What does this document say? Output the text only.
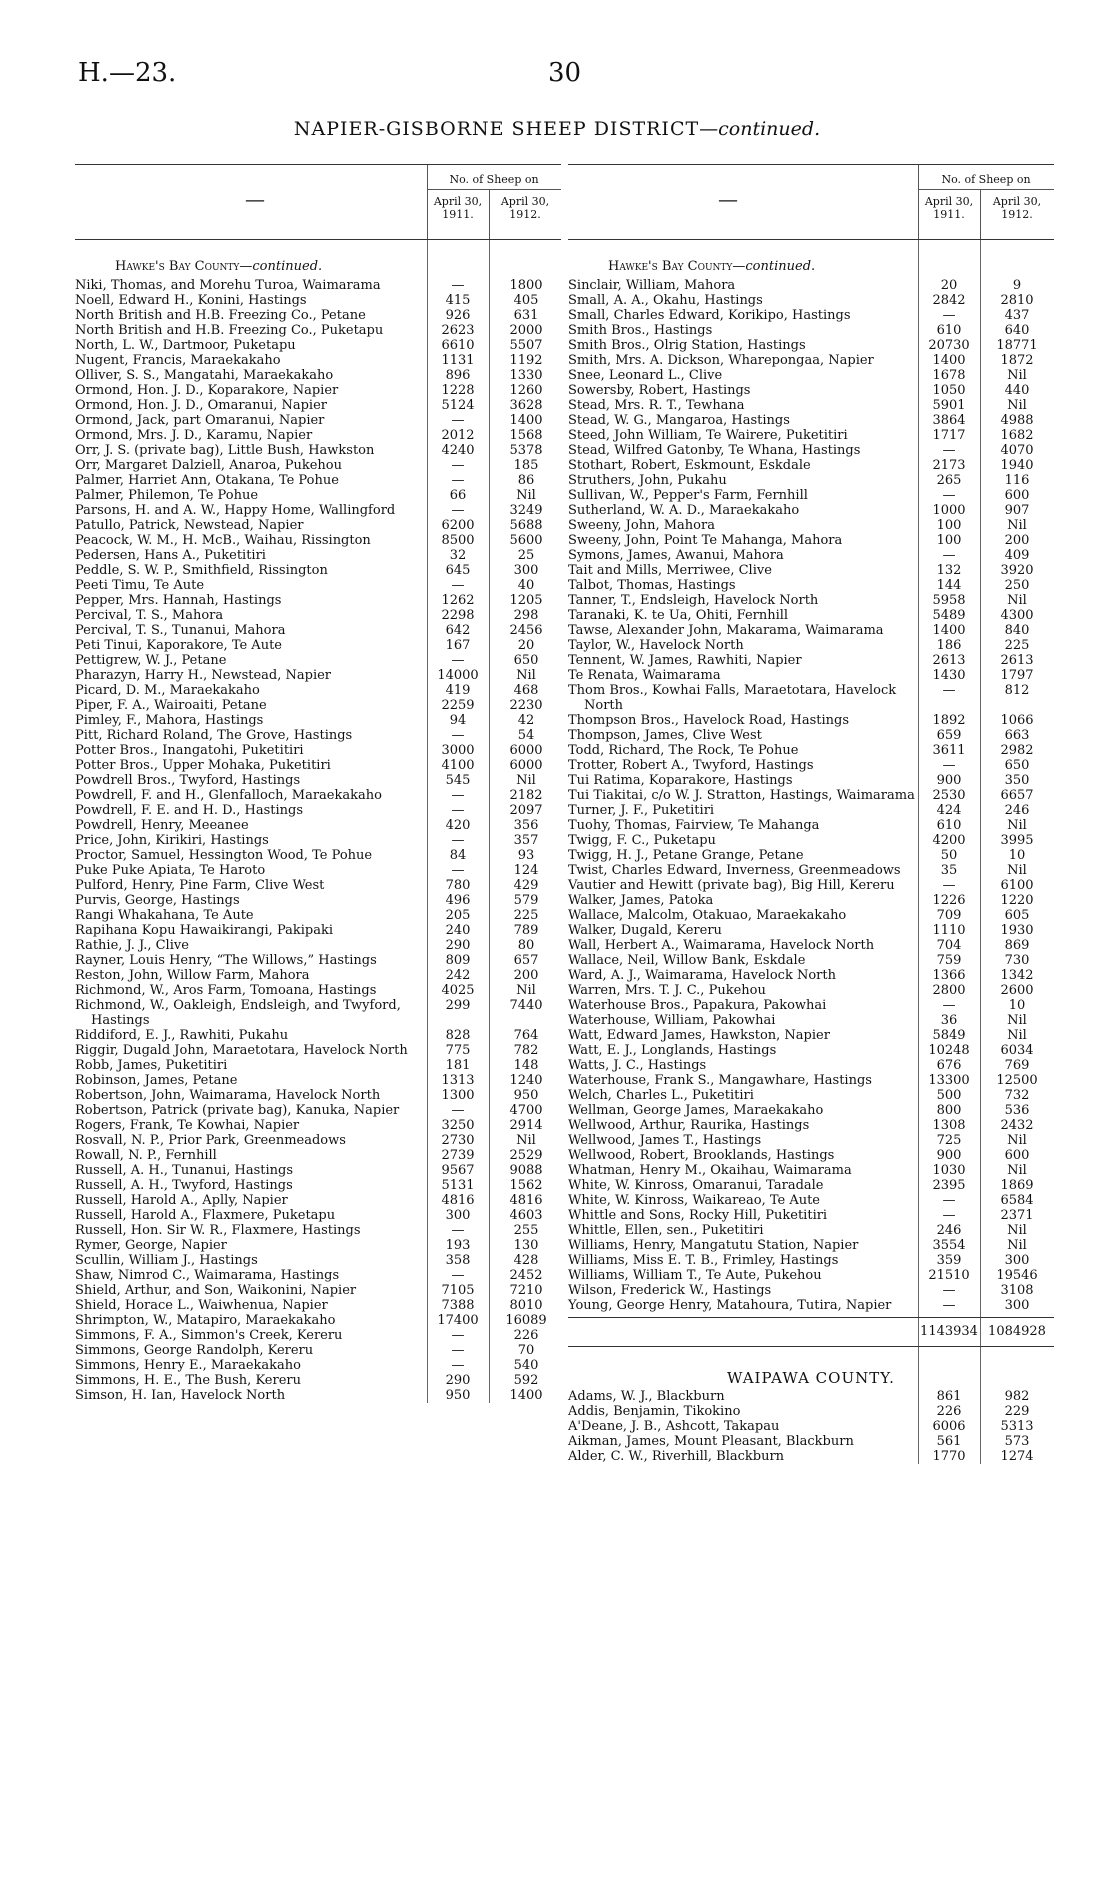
H.—23.	30
NAPIER-GISBORNE SHEEP DISTRICT—continued.
—
No. of Sheep on
April 30,
1911.
April 30,
1912.
Hawke's Bay County—continued.
Niki, Thomas, and Morehu Turoa, Waimarama	—	1800
Noell, Edward H., Konini, Hastings	415	405
North British and H.B. Freezing Co., Petane	926	631
North British and H.B. Freezing Co., Puketapu	2623	2000
North, L. W., Dartmoor, Puketapu	6610	5507
Nugent, Francis, Maraekakaho	1131	1192
Olliver, S. S., Mangatahi, Maraekakaho	896	1330
Ormond, Hon. J. D., Koparakore, Napier	1228	1260
Ormond, Hon. J. D., Omaranui, Napier	5124	3628
Ormond, Jack, part Omaranui, Napier	—	1400
Ormond, Mrs. J. D., Karamu, Napier	2012	1568
Orr, J. S. (private bag), Little Bush, Hawkston	4240	5378
Orr, Margaret Dalziell, Anaroa, Pukehou	—	185
Palmer, Harriet Ann, Otakana, Te Pohue	—	86
Palmer, Philemon, Te Pohue	66	Nil
Parsons, H. and A. W., Happy Home, Wallingford	—	3249
Patullo, Patrick, Newstead, Napier	6200	5688
Peacock, W. M., H. McB., Waihau, Rissington	8500	5600
Pedersen, Hans A., Puketitiri	32	25
Peddle, S. W. P., Smithfield, Rissington	645	300
Peeti Timu, Te Aute	—	40
Pepper, Mrs. Hannah, Hastings	1262	1205
Percival, T. S., Mahora	2298	298
Percival, T. S., Tunanui, Mahora	642	2456
Peti Tinui, Kaporakore, Te Aute	167	20
Pettigrew, W. J., Petane	—	650
Pharazyn, Harry H., Newstead, Napier	14000	Nil
Picard, D. M., Maraekakaho	419	468
Piper, F. A., Wairoaiti, Petane	2259	2230
Pimley, F., Mahora, Hastings	94	42
Pitt, Richard Roland, The Grove, Hastings	—	54
Potter Bros., Inangatohi, Puketitiri	3000	6000
Potter Bros., Upper Mohaka, Puketitiri	4100	6000
Powdrell Bros., Twyford, Hastings	545	Nil
Powdrell, F. and H., Glenfalloch, Maraekakaho	—	2182
Powdrell, F. E. and H. D., Hastings	—	2097
Powdrell, Henry, Meeanee	420	356
Price, John, Kirikiri, Hastings	—	357
Proctor, Samuel, Hessington Wood, Te Pohue	84	93
Puke Puke Apiata, Te Haroto	—	124
Pulford, Henry, Pine Farm, Clive West	780	429
Purvis, George, Hastings	496	579
Rangi Whakahana, Te Aute	205	225
Rapihana Kopu Hawaikirangi, Pakipaki	240	789
Rathie, J. J., Clive	290	80
Rayner, Louis Henry, “The Willows,” Hastings	809	657
Reston, John, Willow Farm, Mahora	242	200
Richmond, W., Aros Farm, Tomoana, Hastings	4025	Nil
Richmond, W., Oakleigh, Endsleigh, and Twyford, Hastings
299	7440
Riddiford, E. J., Rawhiti, Pukahu	828	764
Riggir, Dugald John, Maraetotara, Havelock North	775	782
Robb, James, Puketitiri	181	148
Robinson, James, Petane	1313	1240
Robertson, John, Waimarama, Havelock North	1300	950
Robertson, Patrick (private bag), Kanuka, Napier	—	4700
Rogers, Frank, Te Kowhai, Napier	3250	2914
Rosvall, N. P., Prior Park, Greenmeadows	2730	Nil
Rowall, N. P., Fernhill	2739	2529
Russell, A. H., Tunanui, Hastings	9567	9088
Russell, A. H., Twyford, Hastings	5131	1562
Russell, Harold A., Aplly, Napier	4816	4816
Russell, Harold A., Flaxmere, Puketapu	300	4603
Russell, Hon. Sir W. R., Flaxmere, Hastings	—	255
Rymer, George, Napier	193	130
Scullin, William J., Hastings	358	428
Shaw, Nimrod C., Waimarama, Hastings	—	2452
Shield, Arthur, and Son, Waikonini, Napier	7105	7210
Shield, Horace L., Waiwhenua, Napier	7388	8010
Shrimpton, W., Matapiro, Maraekakaho	17400	16089
Simmons, F. A., Simmon's Creek, Kereru	—	226
Simmons, George Randolph, Kereru	—	70
Simmons, Henry E., Maraekakaho	—	540
Simmons, H. E., The Bush, Kereru	290	592
Simson, H. Ian, Havelock North	950	1400
—
No. of Sheep on
April 30,
1911.
April 30,
1912.
Hawke's Bay County—continued.
Sinclair, William, Mahora	20	9
Small, A. A., Okahu, Hastings	2842	2810
Small, Charles Edward, Korikipo, Hastings	—	437
Smith Bros., Hastings	610	640
Smith Bros., Olrig Station, Hastings	20730	18771
Smith, Mrs. A. Dickson, Wharepongaa, Napier	1400	1872
Snee, Leonard L., Clive	1678	Nil
Sowersby, Robert, Hastings	1050	440
Stead, Mrs. R. T., Tewhana	5901	Nil
Stead, W. G., Mangaroa, Hastings	3864	4988
Steed, John William, Te Wairere, Puketitiri	1717	1682
Stead, Wilfred Gatonby, Te Whana, Hastings	—	4070
Stothart, Robert, Eskmount, Eskdale	2173	1940
Struthers, John, Pukahu	265	116
Sullivan, W., Pepper's Farm, Fernhill	—	600
Sutherland, W. A. D., Maraekakaho	1000	907
Sweeny, John, Mahora	100	Nil
Sweeny, John, Point Te Mahanga, Mahora	100	200
Symons, James, Awanui, Mahora	—	409
Tait and Mills, Merriwee, Clive	132	3920
Talbot, Thomas, Hastings	144	250
Tanner, T., Endsleigh, Havelock North	5958	Nil
Taranaki, K. te Ua, Ohiti, Fernhill	5489	4300
Tawse, Alexander John, Makarama, Waimarama	1400	840
Taylor, W., Havelock North	186	225
Tennent, W. James, Rawhiti, Napier	2613	2613
Te Renata, Waimarama	1430	1797
Thom Bros., Kowhai Falls, Maraetotara, Havelock North
—	812
Thompson Bros., Havelock Road, Hastings	1892	1066
Thompson, James, Clive West	659	663
Todd, Richard, The Rock, Te Pohue	3611	2982
Trotter, Robert A., Twyford, Hastings	—	650
Tui Ratima, Koparakore, Hastings	900	350
Tui Tiakitai, c/o W. J. Stratton, Hastings, Waimarama	2530	6657
Turner, J. F., Puketitiri	424	246
Tuohy, Thomas, Fairview, Te Mahanga	610	Nil
Twigg, F. C., Puketapu	4200	3995
Twigg, H. J., Petane Grange, Petane	50	10
Twist, Charles Edward, Inverness, Greenmeadows	35	Nil
Vautier and Hewitt (private bag), Big Hill, Kereru	—	6100
Walker, James, Patoka	1226	1220
Wallace, Malcolm, Otakuao, Maraekakaho	709	605
Walker, Dugald, Kereru	1110	1930
Wall, Herbert A., Waimarama, Havelock North	704	869
Wallace, Neil, Willow Bank, Eskdale	759	730
Ward, A. J., Waimarama, Havelock North	1366	1342
Warren, Mrs. T. J. C., Pukehou	2800	2600
Waterhouse Bros., Papakura, Pakowhai	—	10
Waterhouse, William, Pakowhai	36	Nil
Watt, Edward James, Hawkston, Napier	5849	Nil
Watt, E. J., Longlands, Hastings	10248	6034
Watts, J. C., Hastings	676	769
Waterhouse, Frank S., Mangawhare, Hastings	13300	12500
Welch, Charles L., Puketitiri	500	732
Wellman, George James, Maraekakaho	800	536
Wellwood, Arthur, Raurika, Hastings	1308	2432
Wellwood, James T., Hastings	725	Nil
Wellwood, Robert, Brooklands, Hastings	900	600
Whatman, Henry M., Okaihau, Waimarama	1030	Nil
White, W. Kinross, Omaranui, Taradale	2395	1869
White, W. Kinross, Waikareao, Te Aute	—	6584
Whittle and Sons, Rocky Hill, Puketitiri	—	2371
Whittle, Ellen, sen., Puketitiri	246	Nil
Williams, Henry, Mangatutu Station, Napier	3554	Nil
Williams, Miss E. T. B., Frimley, Hastings	359	300
Williams, William T., Te Aute, Pukehou	21510	19546
Wilson, Frederick W., Hastings	—	3108
Young, George Henry, Matahoura, Tutira, Napier	—	300
1143934 1084928
WAIPAWA COUNTY.
Adams, W. J., Blackburn	861	982
Addis, Benjamin, Tikokino	226	229
A'Deane, J. B., Ashcott, Takapau	6006	5313
Aikman, James, Mount Pleasant, Blackburn	561	573
Alder, C. W., Riverhill, Blackburn	1770	1274
